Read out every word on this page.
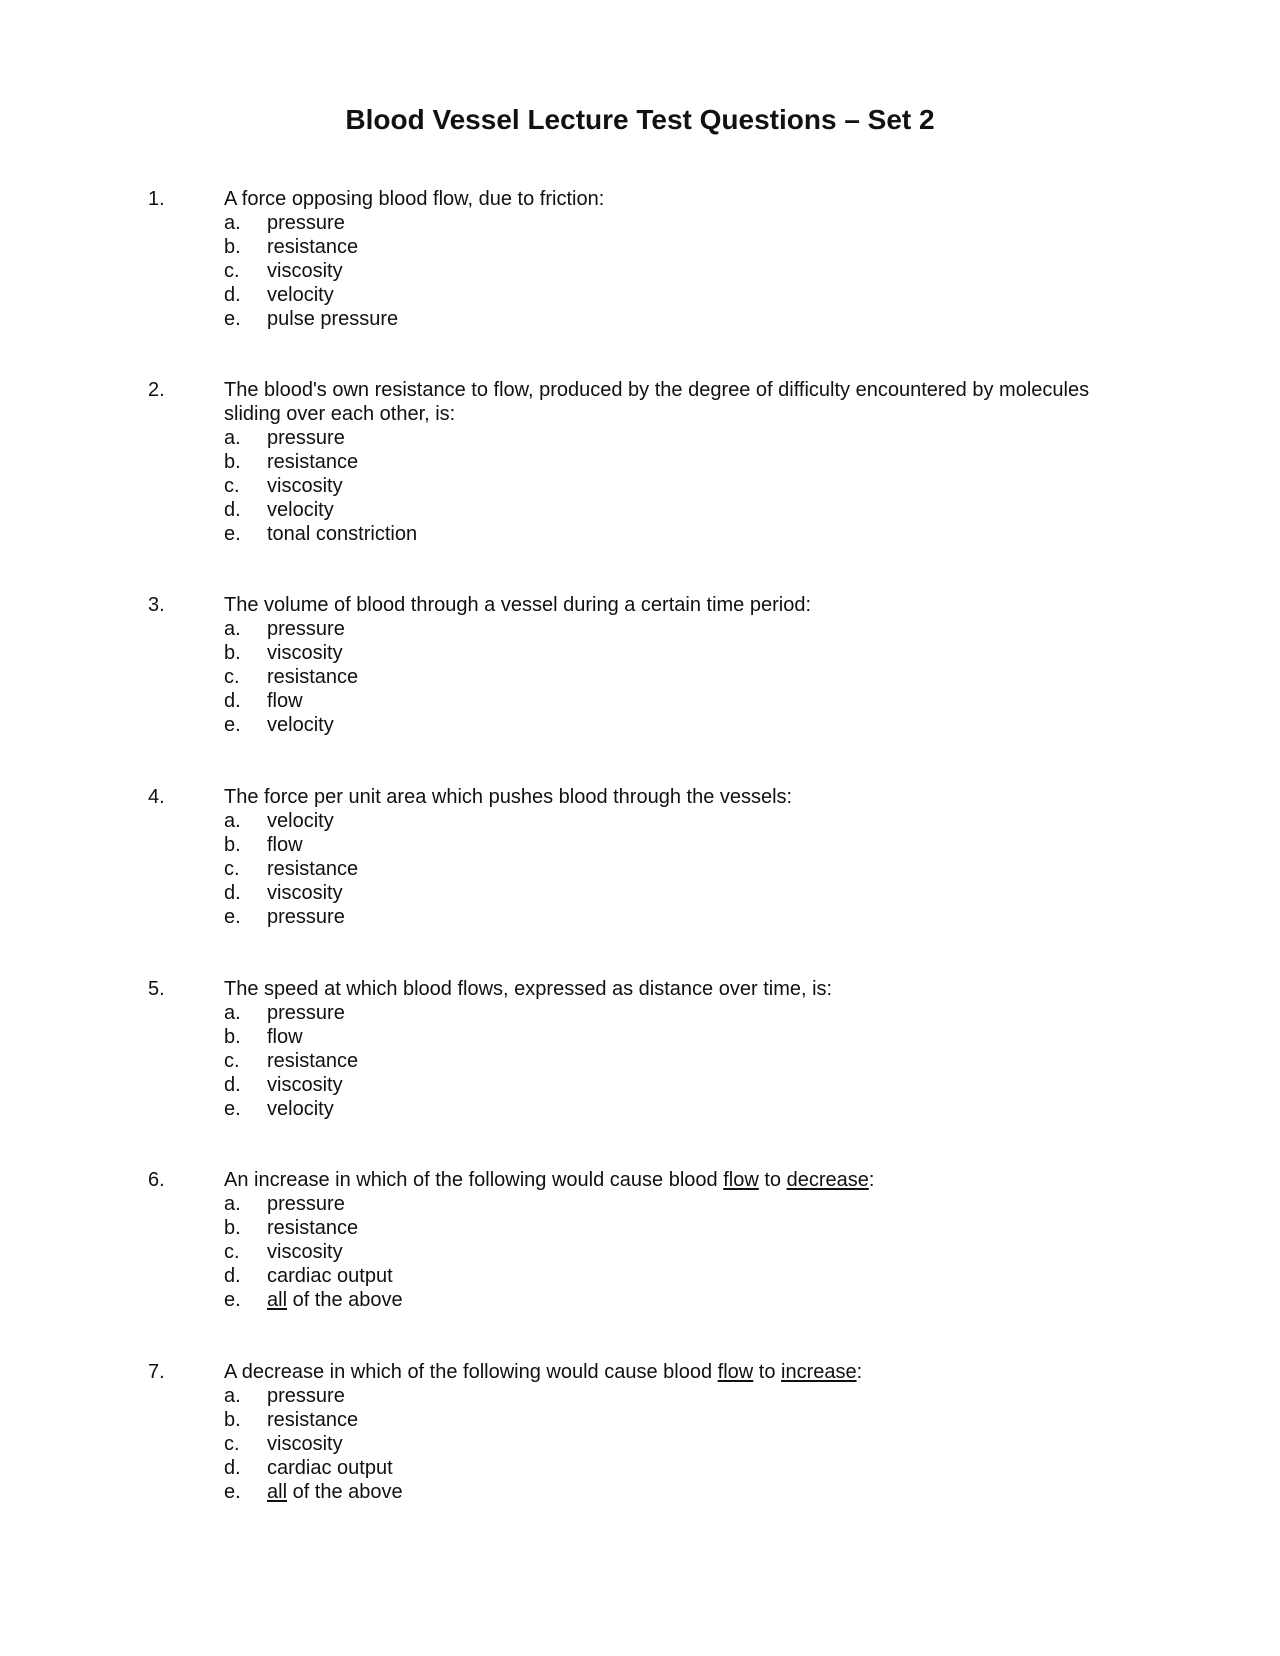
Blood Vessel Lecture Test Questions – Set 2
1.	A force opposing blood flow, due to friction:
a. pressure
b. resistance
c. viscosity
d. velocity
e. pulse pressure
2.	The blood's own resistance to flow, produced by the degree of difficulty encountered by molecules sliding over each other, is:
a. pressure
b. resistance
c. viscosity
d. velocity
e. tonal constriction
3.	The volume of blood through a vessel during a certain time period:
a. pressure
b. viscosity
c. resistance
d. flow
e. velocity
4.	The force per unit area which pushes blood through the vessels:
a. velocity
b. flow
c. resistance
d. viscosity
e. pressure
5.	The speed at which blood flows, expressed as distance over time, is:
a. pressure
b. flow
c. resistance
d. viscosity
e. velocity
6.	An increase in which of the following would cause blood flow to decrease:
a. pressure
b. resistance
c. viscosity
d. cardiac output
e. all of the above
7.	A decrease in which of the following would cause blood flow to increase:
a. pressure
b. resistance
c. viscosity
d. cardiac output
e. all of the above
